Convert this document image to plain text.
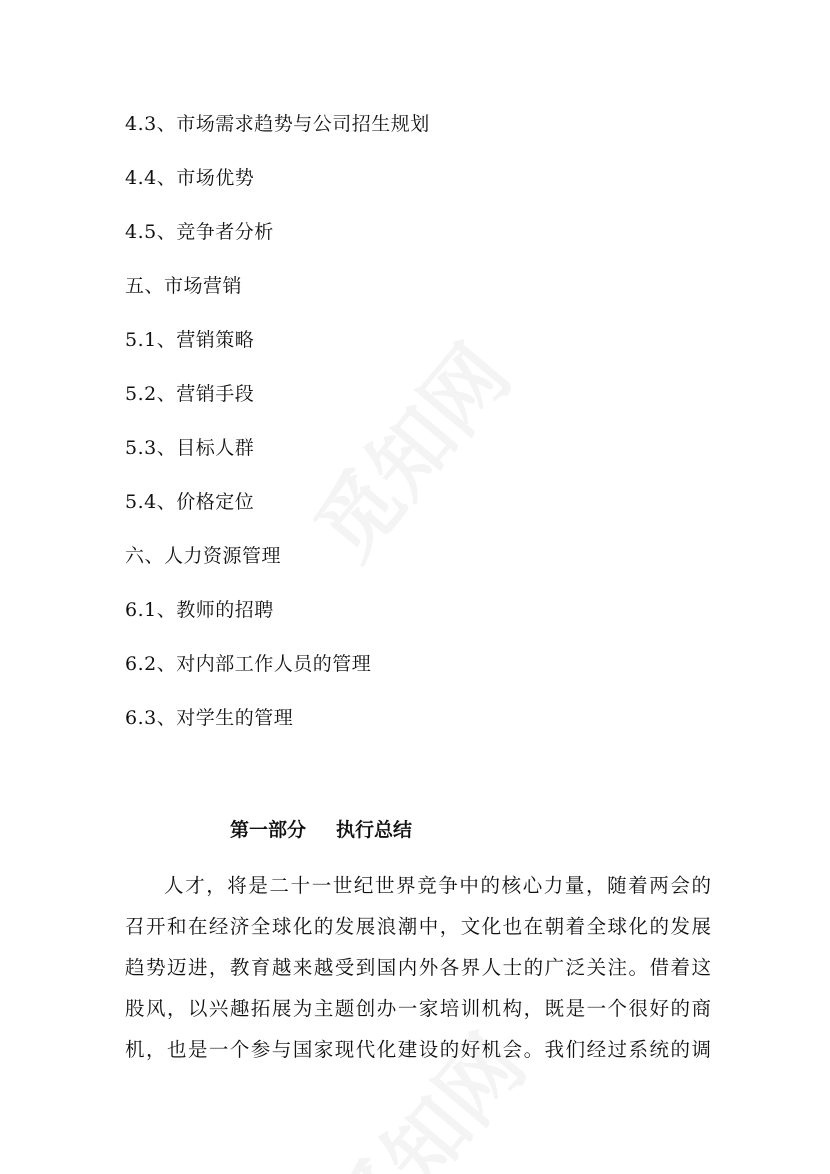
4.3、市场需求趋势与公司招生规划
4.4、市场优势
4.5、竞争者分析
五、市场营销
5.1、营销策略
5.2、营销手段
5.3、目标人群
5.4、价格定位
六、人力资源管理
6.1、教师的招聘
6.2、对内部工作人员的管理
6.3、对学生的管理
第一部分 执行总结
人才，将是二十一世纪世界竞争中的核心力量，随着两会的
召开和在经济全球化的发展浪潮中，文化也在朝着全球化的发展
趋势迈进，教育越来越受到国内外各界人士的广泛关注。借着这
股风，以兴趣拓展为主题创办一家培训机构，既是一个很好的商
机，也是一个参与国家现代化建设的好机会。我们经过系统的调
